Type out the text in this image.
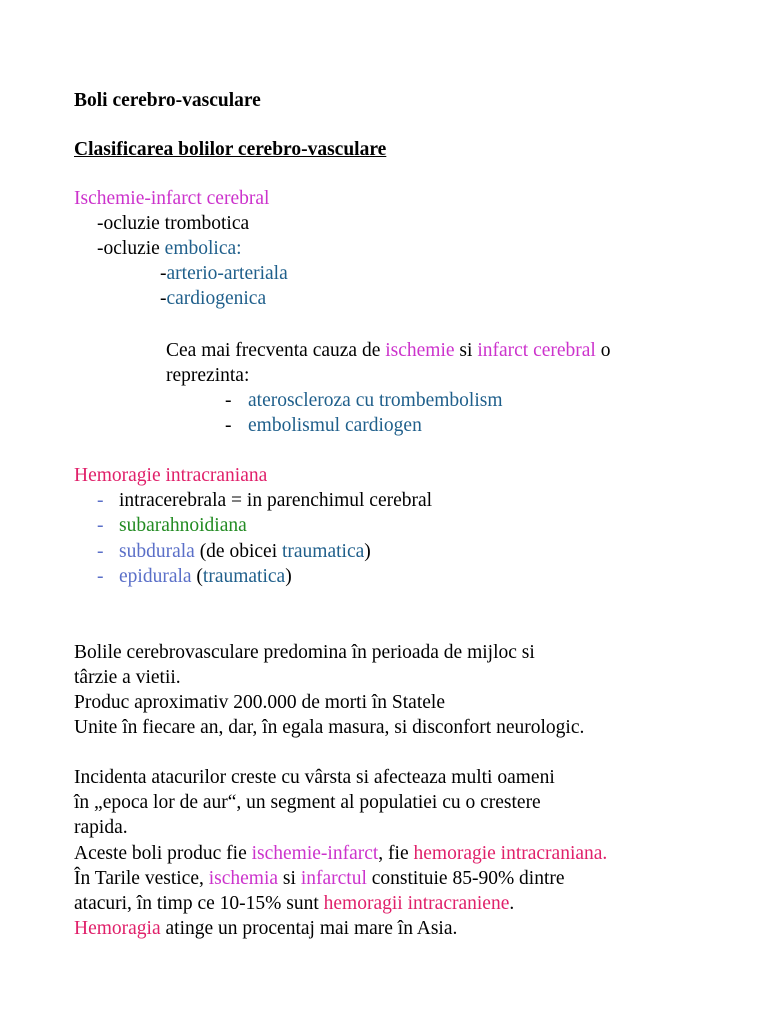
Boli cerebro-vasculare
Clasificarea bolilor cerebro-vasculare
Ischemie-infarct cerebral
-ocluzie trombotica
-ocluzie embolica:
-arterio-arteriala
-cardiogenica
Cea mai frecventa cauza de ischemie si infarct cerebral o
reprezinta:
- ateroscleroza cu trombembolism
- embolismul cardiogen
Hemoragie intracraniana
- intracerebrala = in parenchimul cerebral
- subarahnoidiana
- subdurala (de obicei traumatica)
- epidurala (traumatica)
Bolile cerebrovasculare predomina în perioada de mijloc si
târzie a vietii.
Produc aproximativ 200.000 de morti în Statele
Unite în fiecare an, dar, în egala masura, si disconfort neurologic.
Incidenta atacurilor creste cu vârsta si afecteaza multi oameni
în „epoca lor de aur“, un segment al populatiei cu o crestere
rapida.
Aceste boli produc fie ischemie-infarct, fie hemoragie intracraniana.
În Tarile vestice, ischemia si infarctul constituie 85-90% dintre
atacuri, în timp ce 10-15% sunt hemoragii intracraniene.
Hemoragia atinge un procentaj mai mare în Asia.
